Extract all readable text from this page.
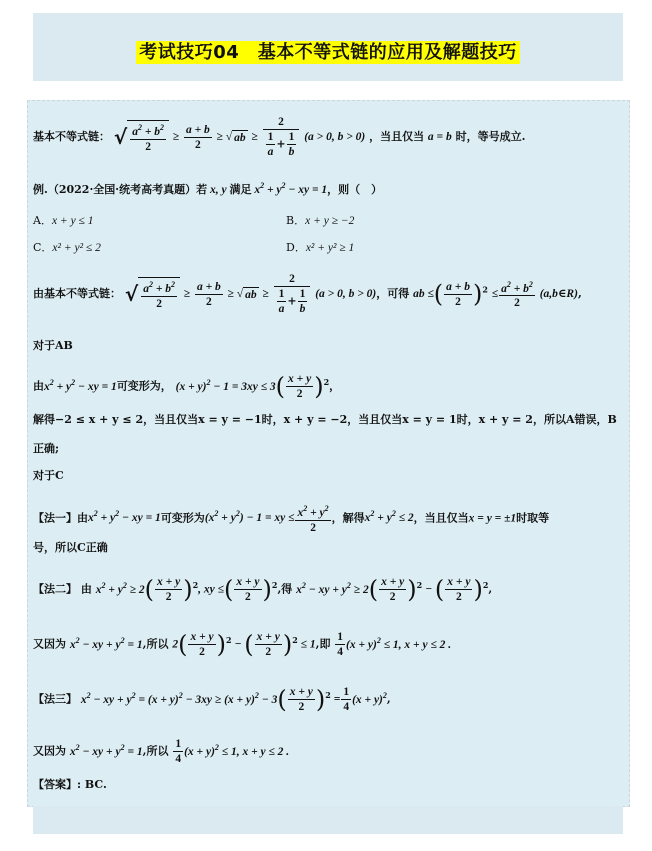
考试技巧04　基本不等式链的应用及解题技巧
基本不等式链： √ $\frac{a^2 + b^2}{2} \ge \frac{a + b}{2}$ ≥ √ ab ≥ $\frac{2}{\frac{1}{a} + \frac{1}{b}} (a > 0$, b > 0) ，当且仅当 a = b 时，等号成立.
例.（2022·全国·统考高考真题）若 x, y 满足 $x^2 + y^2$ − xy = 1，则（　）
A．x + y ≤ 1	B．x + y ≥ −2
C．x² + y² ≤ 2	D．x² + y² ≥ 1
由基本不等式链： √ $\frac{a^2 + b^2}{2} \ge \frac{a + b}{2}$ ≥ √ ab ≥ $\frac{2}{\frac{1}{a} + \frac{1}{b}} (a > 0$, b > 0)，可得 ab ≤( $\frac{a + b}{2} )^2 \le \frac{a^2 + b^2}{2}$ (a,b∈R),
对于AB
由$x^2 + y^2$ − xy = 1可变形为， $(x + y)^2 - 1 = 3xy \le 3( \frac{x + y}{2} )^2$，
解得−2 ≤ x + y ≤ 2，当且仅当x = y = −1时，x + y = −2，当且仅当x = y = 1时，x + y = 2，所以A错误，B
正确;
对于C
【法一】由$x^2 + y^2$ − xy = 1可变形为$(x^2 + y^2) - 1$ = xy ≤ $\frac{x^2 + y^2}{2}$ ，解得$x^2 + y^2 \le 2$，当且仅当x = y = ±1时取等
号，所以C正确
【法二】 由 $x^2 + y^2 \ge 2( \frac{x + y}{2} )^2$, xy ≤( $\frac{x + y}{2} )^2$,得 $x^2$ − xy + $y^2 \ge 2( \frac{x + y}{2} )^2$ − ( $\frac{x + y}{2} )^2$,
又因为 $x^2$ − xy + $y^2 = 1$,所以 $2( \frac{x + y}{2} )^2$ − ( $\frac{x + y}{2} )^2 \le 1$,即 $\frac{1}{4} (x + y)^2 \le 1$, x + y ≤ 2 .
【法三】 $x^2$ − xy + $y^2 = (x + y)^2 - 3xy \ge (x + y)^2 - 3( \frac{x + y}{2} )^2 = \frac{1}{4} (x + y)^2$,
又因为 $x^2$ − xy + $y^2 = 1$,所以 $\frac{1}{4} (x + y)^2 \le 1$, x + y ≤ 2 .
【答案】: BC.
